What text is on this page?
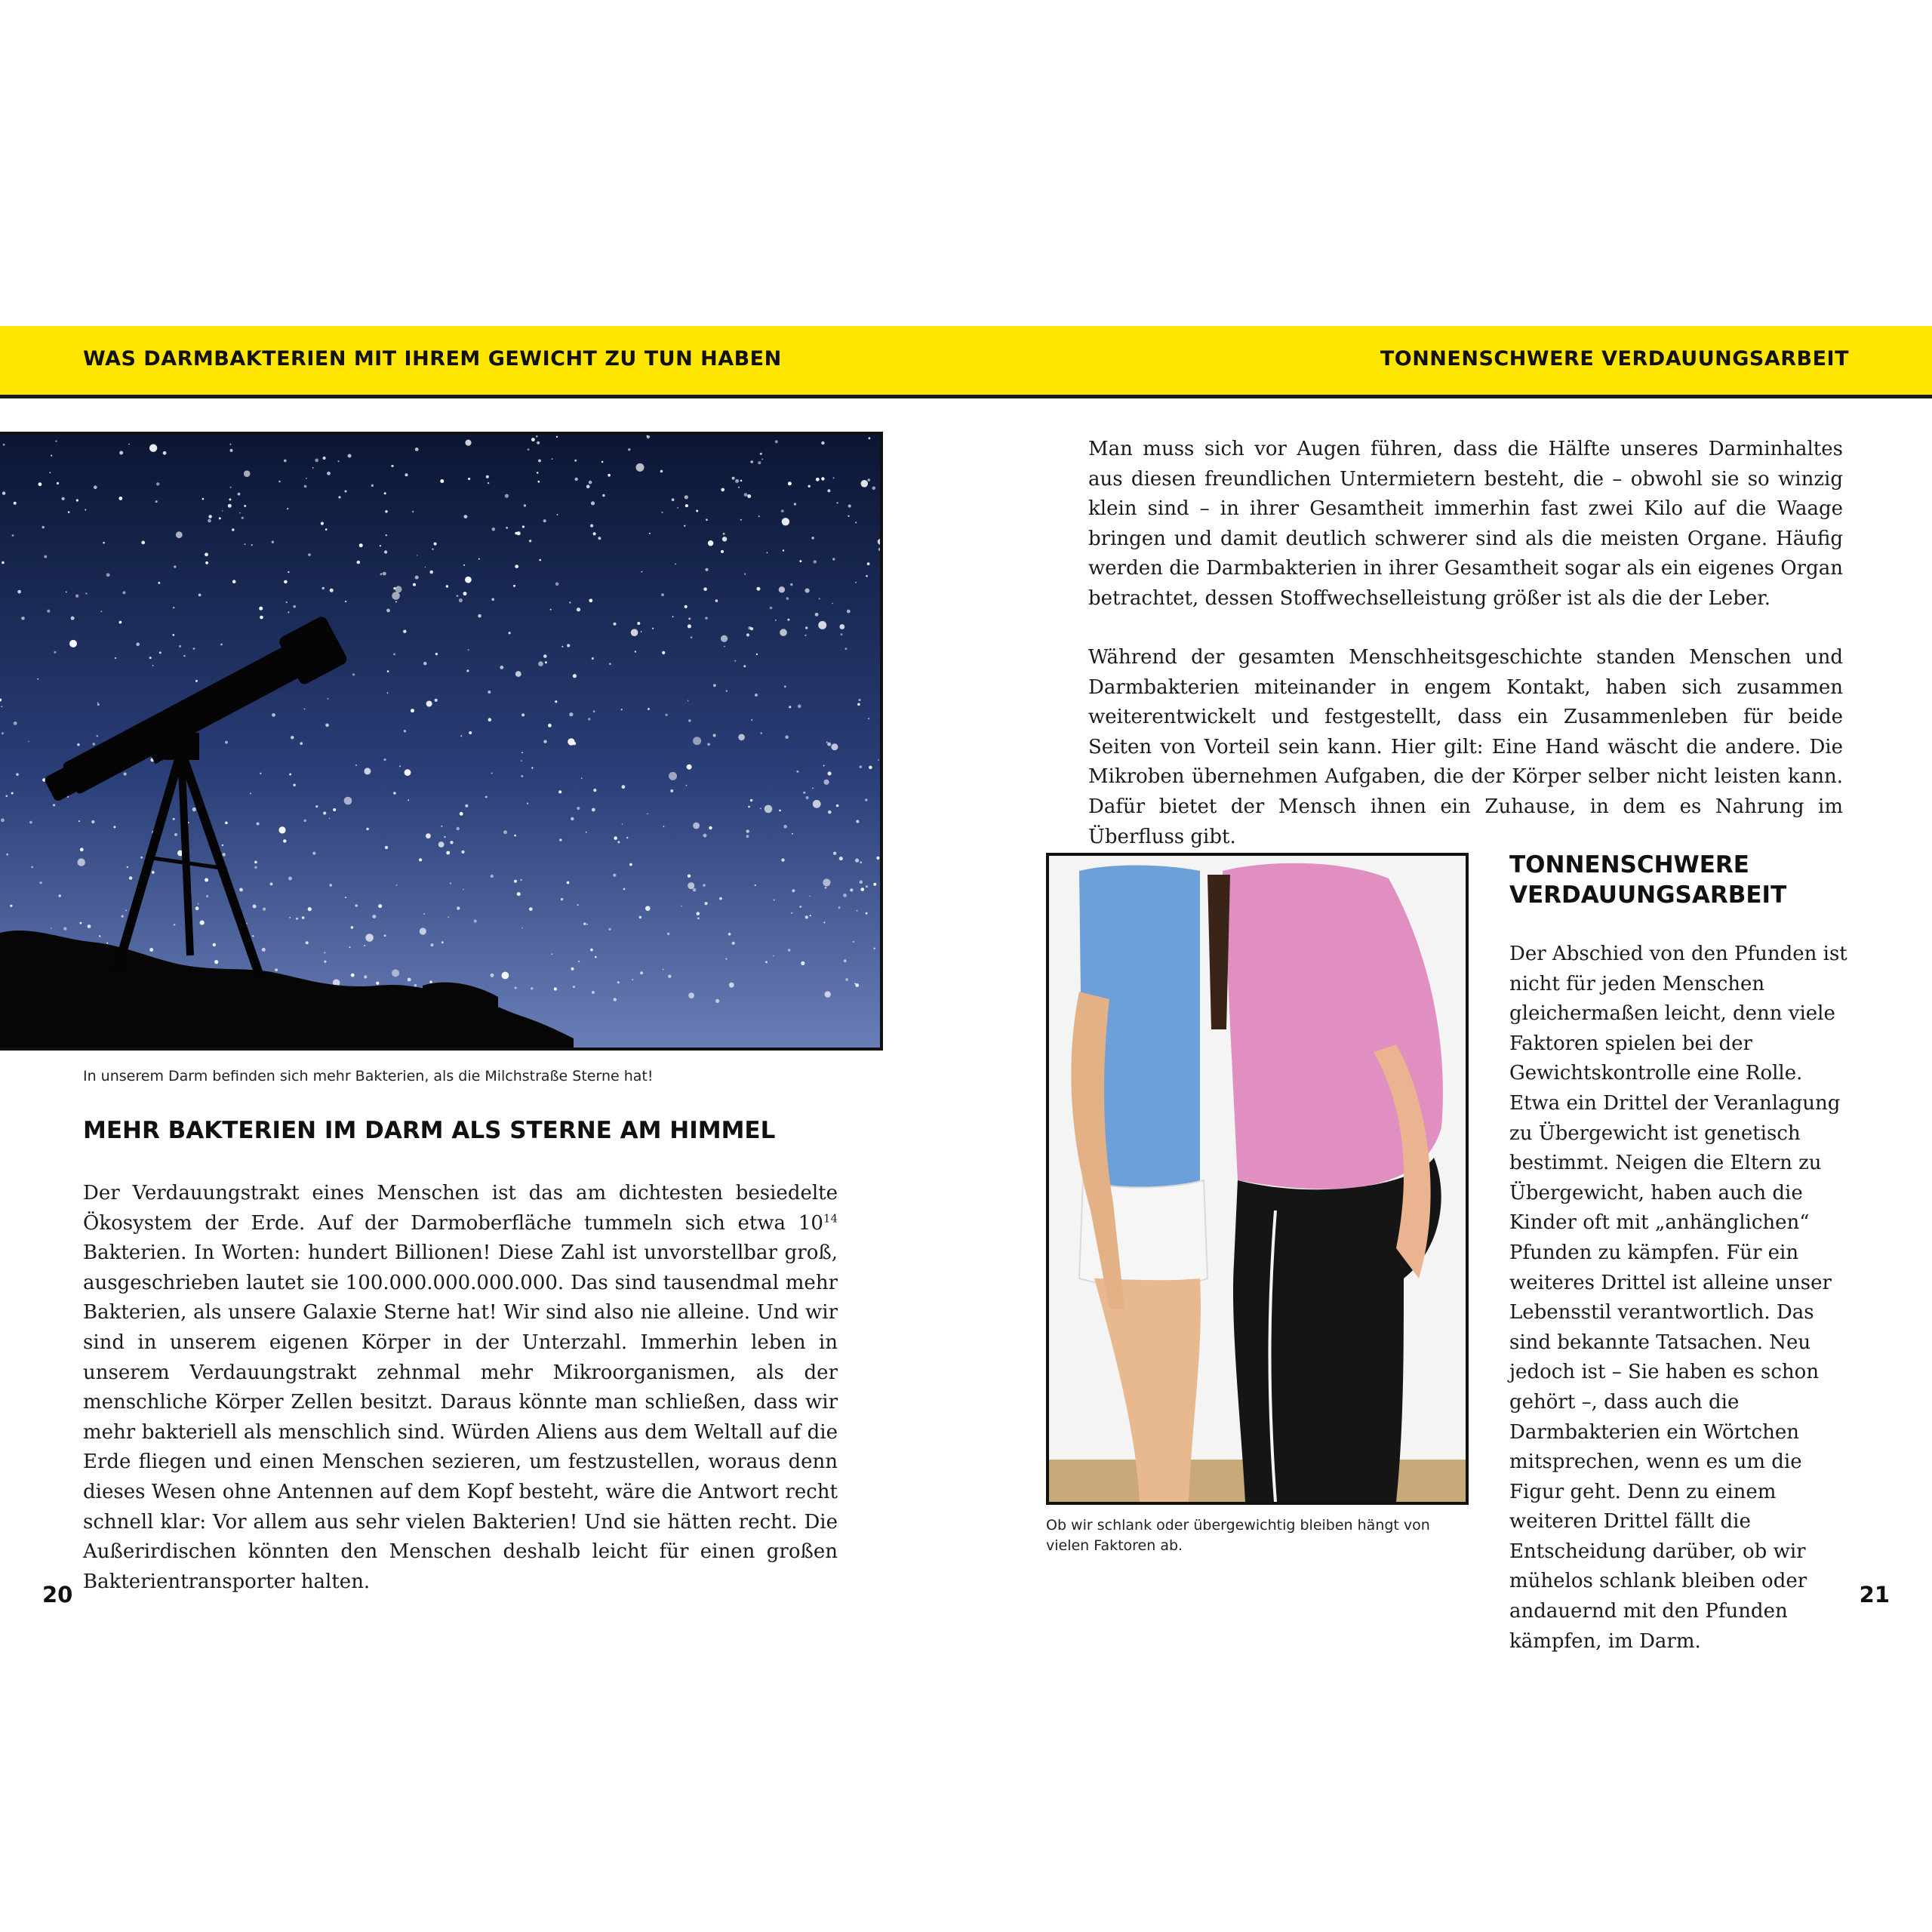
WAS DARMBAKTERIEN MIT IHREM GEWICHT ZU TUN HABEN	TONNENSCHWERE VERDAUUNGSARBEIT
In unserem Darm befinden sich mehr Bakterien, als die Milchstraße Sterne hat!
MEHR BAKTERIEN IM DARM ALS STERNE AM HIMMEL
Der Verdauungstrakt eines Menschen ist das am dichtesten besiedelte Ökosystem der Erde. Auf der Darmoberfläche tummeln sich etwa $10^{14}$ Bakterien. In Worten: hundert Billionen! Diese Zahl ist unvorstellbar groß, ausgeschrieben lautet sie 100.000.000.000.000. Das sind tausendmal mehr Bakterien, als unsere Galaxie Sterne hat! Wir sind also nie alleine. Und wir sind in unserem eigenen Körper in der Unterzahl. Immerhin leben in unserem Verdauungstrakt zehnmal mehr Mikroorganismen, als der menschliche Körper Zellen besitzt. Daraus könnte man schließen, dass wir mehr bakteriell als menschlich sind. Würden Aliens aus dem Weltall auf die Erde fliegen und einen Menschen sezieren, um festzustellen, woraus denn dieses Wesen ohne Antennen auf dem Kopf besteht, wäre die Antwort recht schnell klar: Vor allem aus sehr vielen Bakterien! Und sie hätten recht. Die Außerirdischen könnten den Menschen deshalb leicht für einen großen Bakterientransporter halten.
20
Man muss sich vor Augen führen, dass die Hälfte unseres Darminhaltes aus diesen freundlichen Untermietern besteht, die – obwohl sie so winzig klein sind – in ihrer Gesamtheit immerhin fast zwei Kilo auf die Waage bringen und damit deutlich schwerer sind als die meisten Organe. Häufig werden die Darmbakterien in ihrer Gesamtheit sogar als ein eigenes Organ betrachtet, dessen Stoffwechselleistung größer ist als die der Leber.
Während der gesamten Menschheitsgeschichte standen Menschen und Darmbakterien miteinander in engem Kontakt, haben sich zusammen weiterentwickelt und festgestellt, dass ein Zusammenleben für beide Seiten von Vorteil sein kann. Hier gilt: Eine Hand wäscht die andere. Die Mikroben übernehmen Aufgaben, die der Körper selber nicht leisten kann. Dafür bietet der Mensch ihnen ein Zuhause, in dem es Nahrung im Überfluss gibt.
Ob wir schlank oder übergewichtig bleiben hängt von vielen Faktoren ab.
TONNENSCHWERE
VERDAUUNGSARBEIT
Der Abschied von den Pfunden ist nicht für jeden Menschen gleichermaßen leicht, denn viele Faktoren spielen bei der Gewichtskontrolle eine Rolle. Etwa ein Drittel der Veranlagung zu Übergewicht ist genetisch bestimmt. Neigen die Eltern zu Übergewicht, haben auch die Kinder oft mit „anhänglichen“ Pfunden zu kämpfen. Für ein weiteres Drittel ist alleine unser Lebensstil verantwortlich. Das sind bekannte Tatsachen. Neu jedoch ist – Sie haben es schon gehört –, dass auch die Darmbakterien ein Wörtchen mitsprechen, wenn es um die Figur geht. Denn zu einem weiteren Drittel fällt die Entscheidung darüber, ob wir mühelos schlank bleiben oder andauernd mit den Pfunden kämpfen, im Darm.
21
